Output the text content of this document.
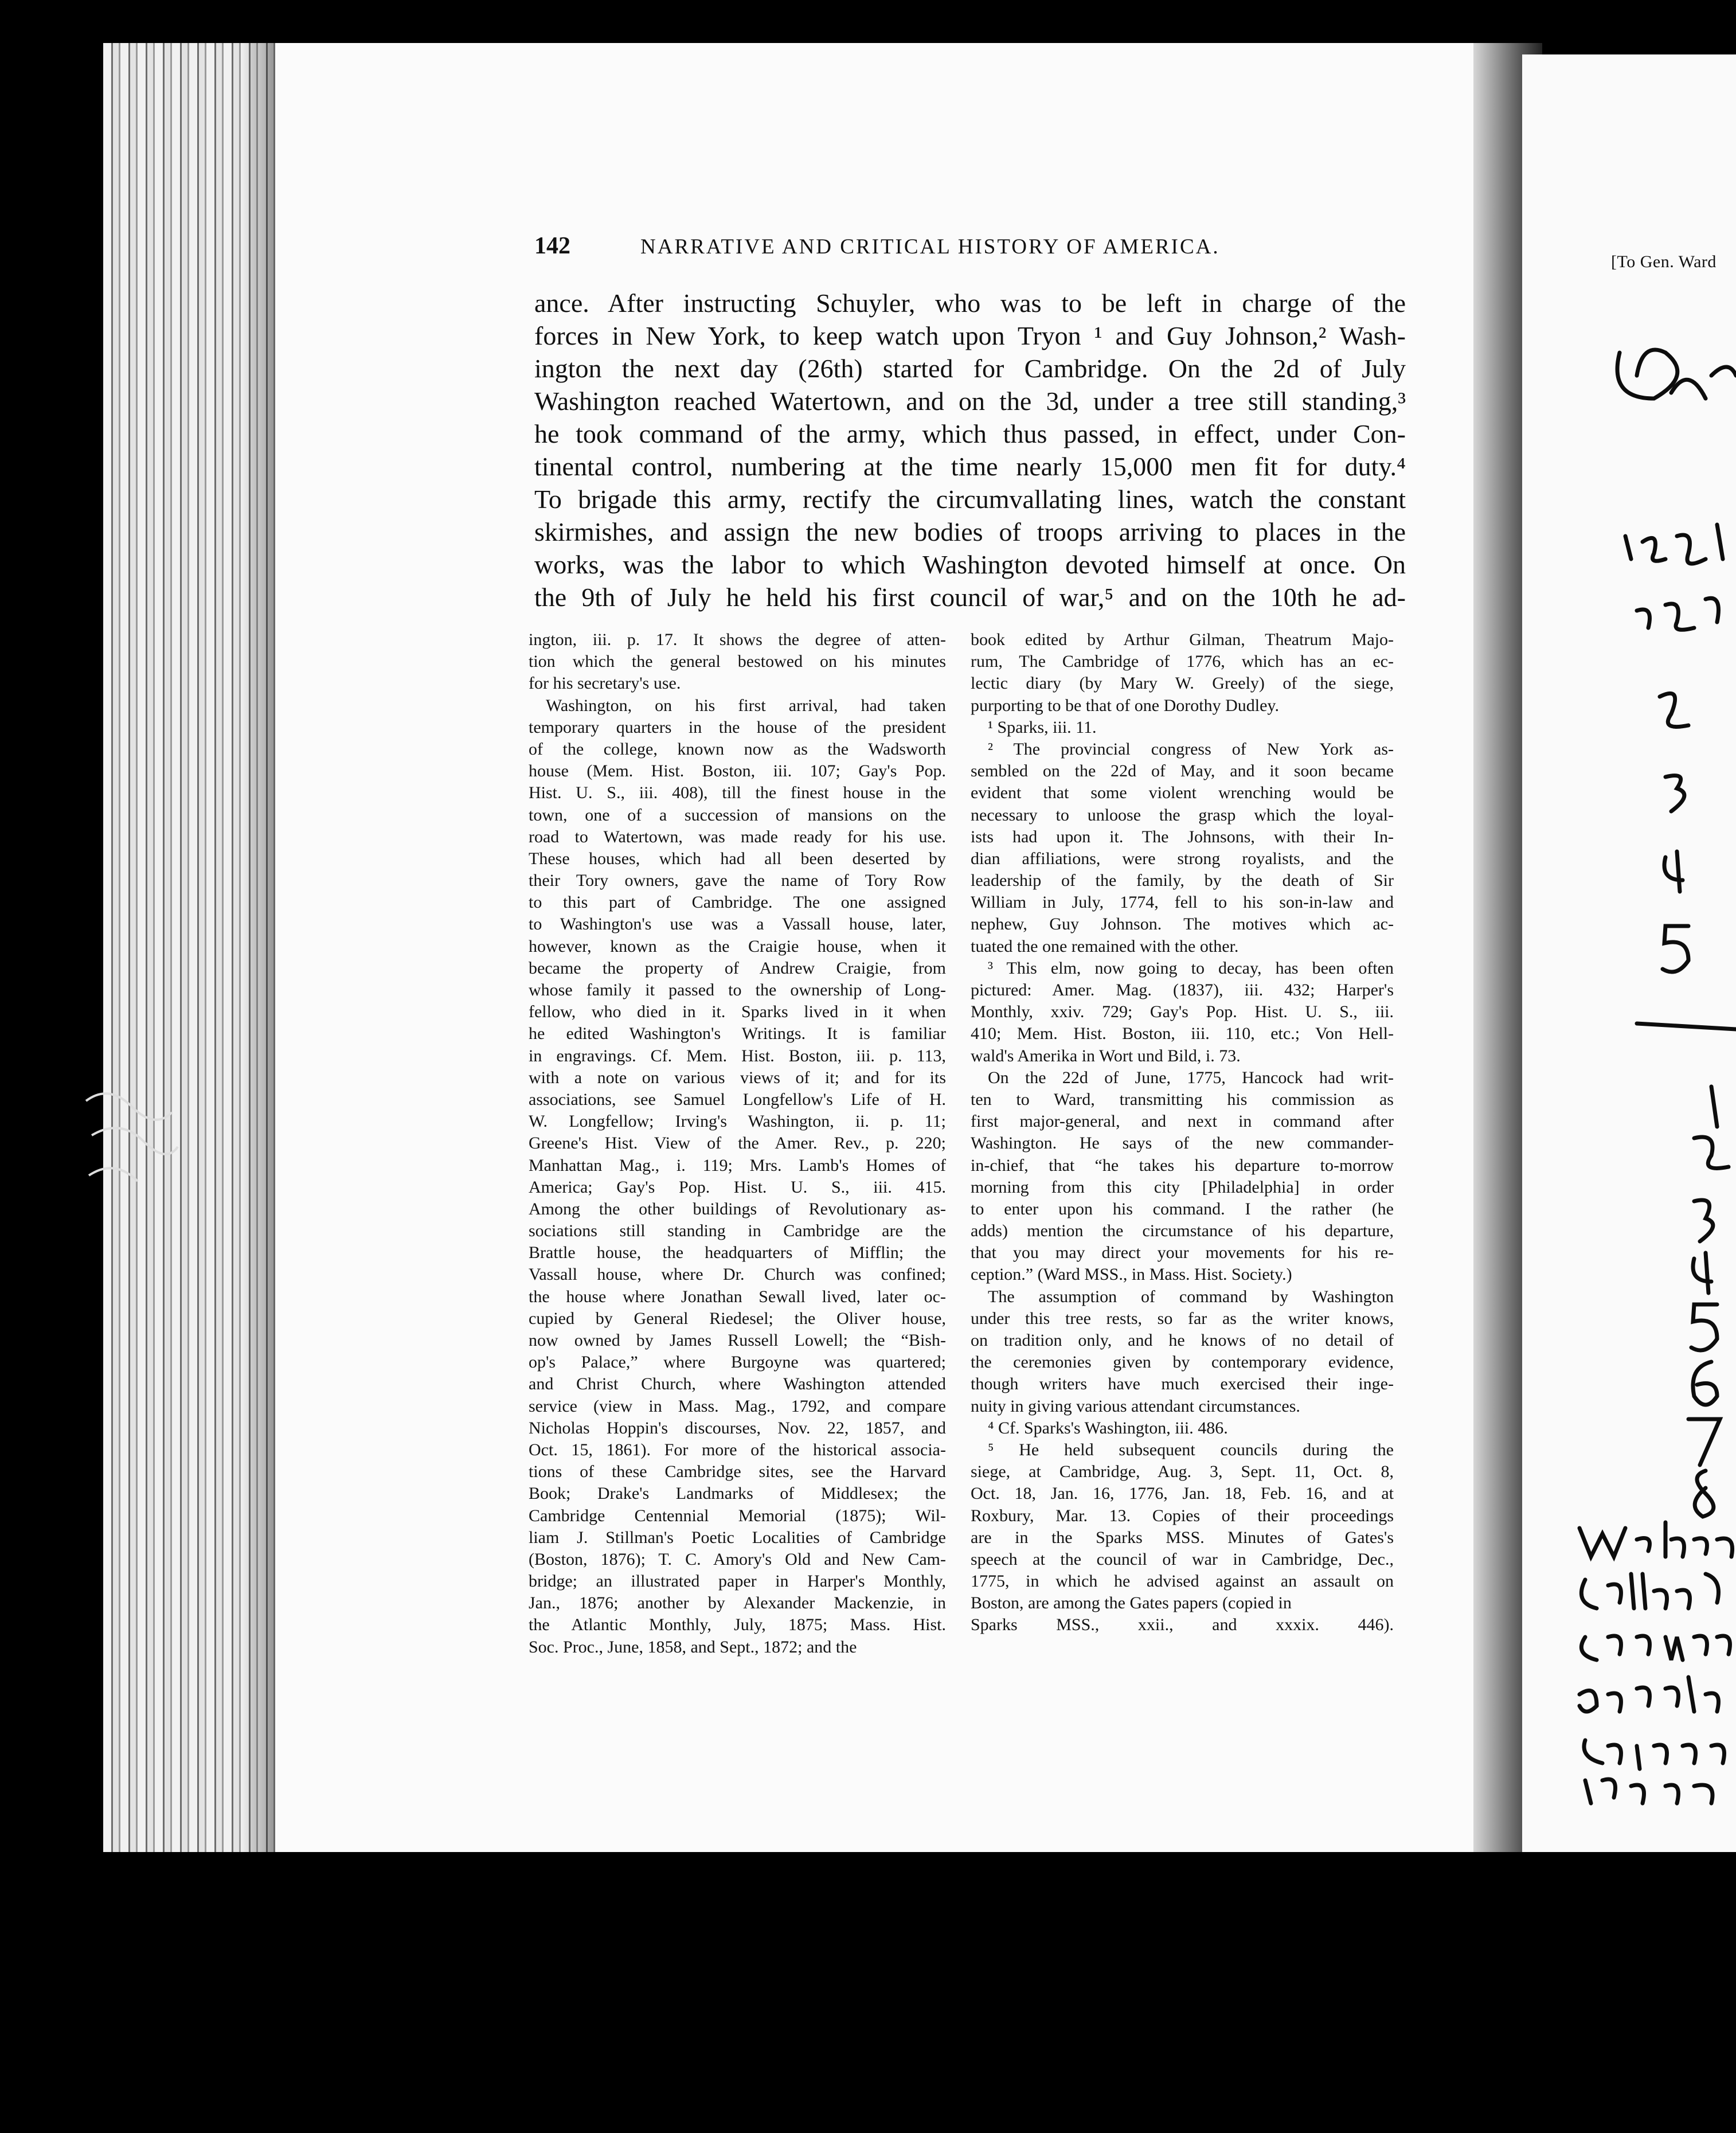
[To Gen. Ward
142	NARRATIVE AND CRITICAL HISTORY OF AMERICA.
ance. After instructing Schuyler, who was to be left in charge of the
forces in New York, to keep watch upon Tryon ¹ and Guy Johnson,² Wash-
ington the next day (26th) started for Cambridge. On the 2d of July
Washington reached Watertown, and on the 3d, under a tree still standing,³
he took command of the army, which thus passed, in effect, under Con-
tinental control, numbering at the time nearly 15,000 men fit for duty.⁴
To brigade this army, rectify the circumvallating lines, watch the constant
skirmishes, and assign the new bodies of troops arriving to places in the
works, was the labor to which Washington devoted himself at once. On
the 9th of July he held his first council of war,⁵ and on the 10th he ad-
ington, iii. p. 17. It shows the degree of atten-
tion which the general bestowed on his minutes
for his secretary's use.
Washington, on his first arrival, had taken
temporary quarters in the house of the president
of the college, known now as the Wadsworth
house (Mem. Hist. Boston, iii. 107; Gay's Pop.
Hist. U. S., iii. 408), till the finest house in the
town, one of a succession of mansions on the
road to Watertown, was made ready for his use.
These houses, which had all been deserted by
their Tory owners, gave the name of Tory Row
to this part of Cambridge. The one assigned
to Washington's use was a Vassall house, later,
however, known as the Craigie house, when it
became the property of Andrew Craigie, from
whose family it passed to the ownership of Long-
fellow, who died in it. Sparks lived in it when
he edited Washington's Writings. It is familiar
in engravings. Cf. Mem. Hist. Boston, iii. p. 113,
with a note on various views of it; and for its
associations, see Samuel Longfellow's Life of H.
W. Longfellow; Irving's Washington, ii. p. 11;
Greene's Hist. View of the Amer. Rev., p. 220;
Manhattan Mag., i. 119; Mrs. Lamb's Homes of
America; Gay's Pop. Hist. U. S., iii. 415.
Among the other buildings of Revolutionary as-
sociations still standing in Cambridge are the
Brattle house, the headquarters of Mifflin; the
Vassall house, where Dr. Church was confined;
the house where Jonathan Sewall lived, later oc-
cupied by General Riedesel; the Oliver house,
now owned by James Russell Lowell; the “Bish-
op's Palace,” where Burgoyne was quartered;
and Christ Church, where Washington attended
service (view in Mass. Mag., 1792, and compare
Nicholas Hoppin's discourses, Nov. 22, 1857, and
Oct. 15, 1861). For more of the historical associa-
tions of these Cambridge sites, see the Harvard
Book; Drake's Landmarks of Middlesex; the
Cambridge Centennial Memorial (1875); Wil-
liam J. Stillman's Poetic Localities of Cambridge
(Boston, 1876); T. C. Amory's Old and New Cam-
bridge; an illustrated paper in Harper's Monthly,
Jan., 1876; another by Alexander Mackenzie, in
the Atlantic Monthly, July, 1875; Mass. Hist.
Soc. Proc., June, 1858, and Sept., 1872; and the
book edited by Arthur Gilman, Theatrum Majo-
rum, The Cambridge of 1776, which has an ec-
lectic diary (by Mary W. Greely) of the siege,
purporting to be that of one Dorothy Dudley.
¹ Sparks, iii. 11.
² The provincial congress of New York as-
sembled on the 22d of May, and it soon became
evident that some violent wrenching would be
necessary to unloose the grasp which the loyal-
ists had upon it. The Johnsons, with their In-
dian affiliations, were strong royalists, and the
leadership of the family, by the death of Sir
William in July, 1774, fell to his son-in-law and
nephew, Guy Johnson. The motives which ac-
tuated the one remained with the other.
³ This elm, now going to decay, has been often
pictured: Amer. Mag. (1837), iii. 432; Harper's
Monthly, xxiv. 729; Gay's Pop. Hist. U. S., iii.
410; Mem. Hist. Boston, iii. 110, etc.; Von Hell-
wald's Amerika in Wort und Bild, i. 73.
On the 22d of June, 1775, Hancock had writ-
ten to Ward, transmitting his commission as
first major-general, and next in command after
Washington. He says of the new commander-
in-chief, that “he takes his departure to-morrow
morning from this city [Philadelphia] in order
to enter upon his command. I the rather (he
adds) mention the circumstance of his departure,
that you may direct your movements for his re-
ception.” (Ward MSS., in Mass. Hist. Society.)
The assumption of command by Washington
under this tree rests, so far as the writer knows,
on tradition only, and he knows of no detail of
the ceremonies given by contemporary evidence,
though writers have much exercised their inge-
nuity in giving various attendant circumstances.
⁴ Cf. Sparks's Washington, iii. 486.
⁵ He held subsequent councils during the
siege, at Cambridge, Aug. 3, Sept. 11, Oct. 8,
Oct. 18, Jan. 16, 1776, Jan. 18, Feb. 16, and at
Roxbury, Mar. 13. Copies of their proceedings
are in the Sparks MSS. Minutes of Gates's
speech at the council of war in Cambridge, Dec.,
1775, in which he advised against an assault on
Boston, are among the Gates papers (copied in
Sparks MSS., xxii., and xxxix. 446).
